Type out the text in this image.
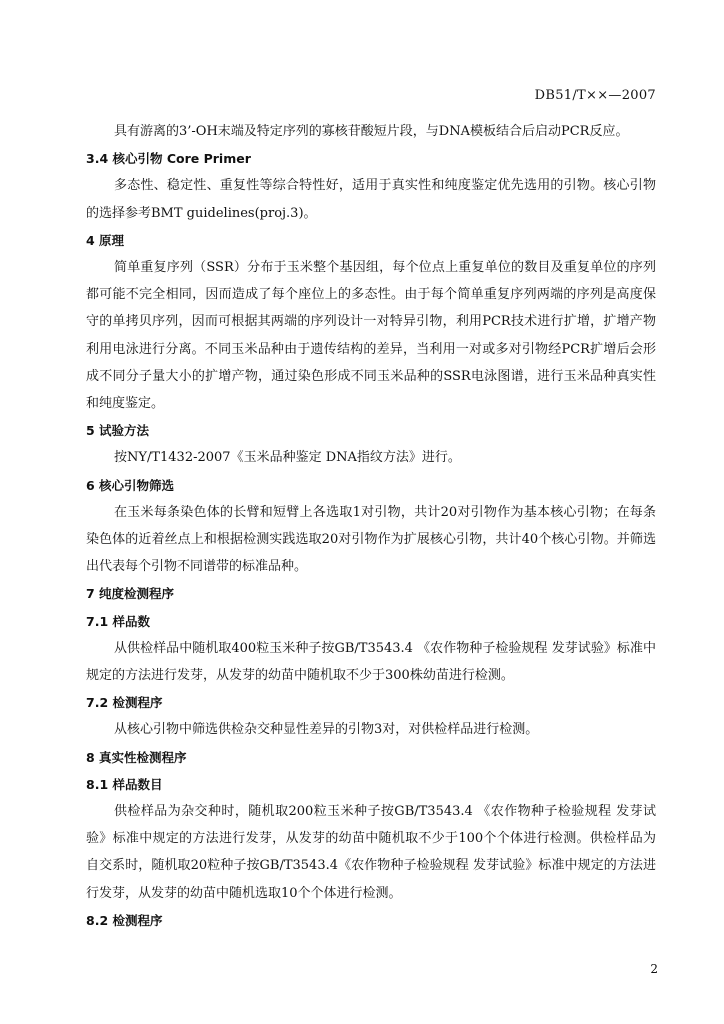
DB51/T××—2007

具有游离的3’-OH末端及特定序列的寡核苷酸短片段，与DNA模板结合后启动PCR反应。

3.4 核心引物 Core Primer

多态性、稳定性、重复性等综合特性好，适用于真实性和纯度鉴定优先选用的引物。核心引物的选择参考BMT guidelines(proj.3)。

4 原理

简单重复序列（SSR）分布于玉米整个基因组，每个位点上重复单位的数目及重复单位的序列都可能不完全相同，因而造成了每个座位上的多态性。由于每个简单重复序列两端的序列是高度保守的单拷贝序列，因而可根据其两端的序列设计一对特异引物，利用PCR技术进行扩增，扩增产物利用电泳进行分离。不同玉米品种由于遗传结构的差异，当利用一对或多对引物经PCR扩增后会形成不同分子量大小的扩增产物，通过染色形成不同玉米品种的SSR电泳图谱，进行玉米品种真实性和纯度鉴定。

5 试验方法

按NY/T1432-2007《玉米品种鉴定 DNA指纹方法》进行。

6 核心引物筛选

在玉米每条染色体的长臂和短臂上各选取1对引物，共计20对引物作为基本核心引物；在每条染色体的近着丝点上和根据检测实践选取20对引物作为扩展核心引物，共计40个核心引物。并筛选出代表每个引物不同谱带的标准品种。

7 纯度检测程序

7.1 样品数

从供检样品中随机取400粒玉米种子按GB/T3543.4 《农作物种子检验规程 发芽试验》标准中规定的方法进行发芽，从发芽的幼苗中随机取不少于300株幼苗进行检测。

7.2 检测程序

从核心引物中筛选供检杂交种显性差异的引物3对，对供检样品进行检测。

8 真实性检测程序

8.1 样品数目

供检样品为杂交种时，随机取200粒玉米种子按GB/T3543.4 《农作物种子检验规程 发芽试验》标准中规定的方法进行发芽，从发芽的幼苗中随机取不少于100个个体进行检测。供检样品为自交系时，随机取20粒种子按GB/T3543.4《农作物种子检验规程 发芽试验》标准中规定的方法进行发芽，从发芽的幼苗中随机选取10个个体进行检测。

8.2 检测程序

2
